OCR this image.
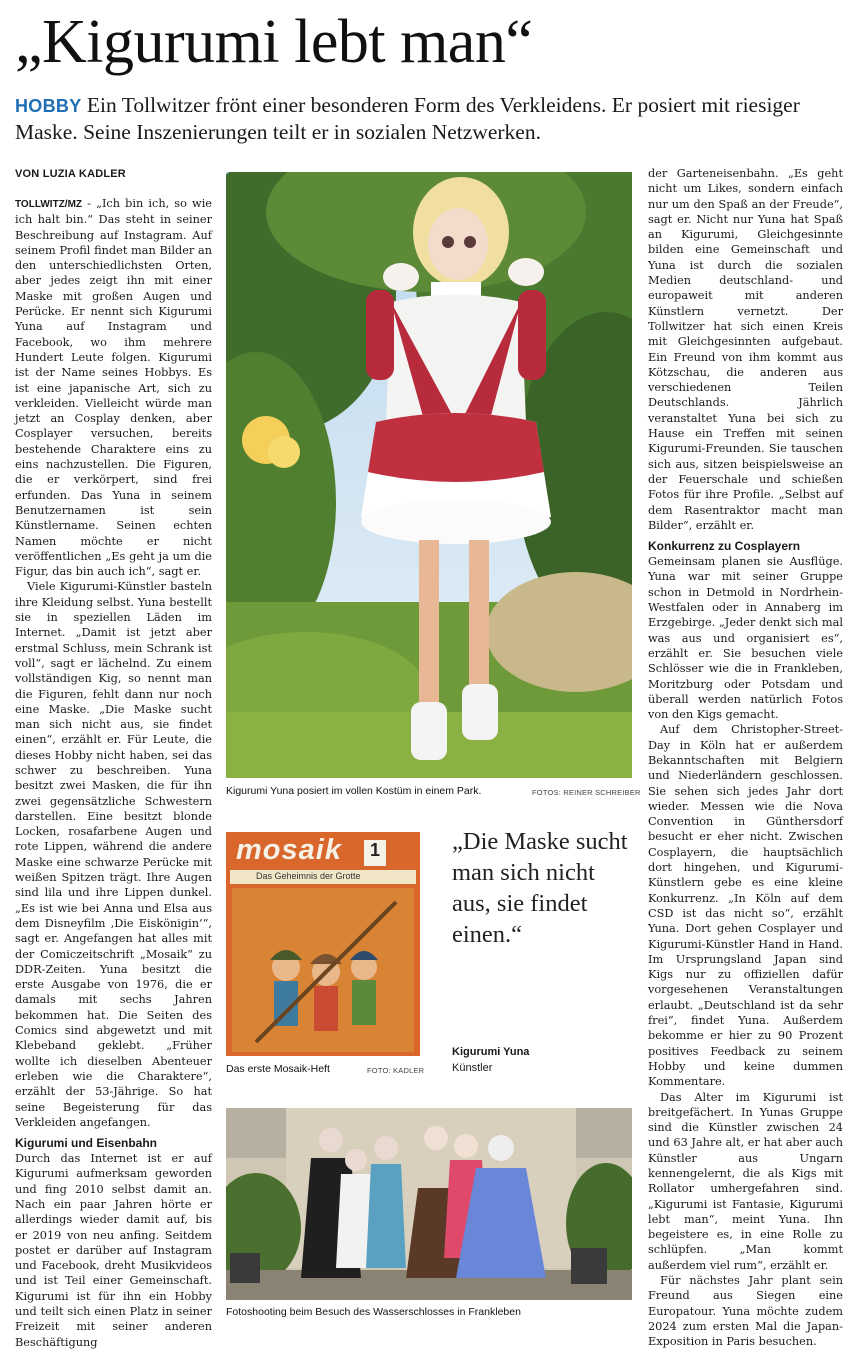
„Kigurumi lebt man“

HOBBY Ein Tollwitzer frönt einer besonderen Form des Verkleidens. Er posiert mit riesiger Maske. Seine Inszenierungen teilt er in sozialen Netzwerken.

VON LUZIA KADLER

TOLLWITZ/MZ - „Ich bin ich, so wie ich halt bin.“ Das steht in seiner Beschreibung auf Instagram. Auf seinem Profil findet man Bilder an den unterschiedlichsten Orten, aber jedes zeigt ihn mit einer Maske mit großen Augen und Perücke. Er nennt sich Kigurumi Yuna auf Instagram und Facebook, wo ihm mehrere Hundert Leute folgen. Kigurumi ist der Name seines Hobbys. Es ist eine japanische Art, sich zu verkleiden. Vielleicht würde man jetzt an Cosplay denken, aber Cosplayer versuchen, bereits bestehende Charaktere eins zu eins nachzustellen. Die Figuren, die er verkörpert, sind frei erfunden. Das Yuna in seinem Benutzernamen ist sein Künstlername. Seinen echten Namen möchte er nicht veröffentlichen „Es geht ja um die Figur, das bin auch ich“, sagt er.

Viele Kigurumi-Künstler basteln ihre Kleidung selbst. Yuna bestellt sie in speziellen Läden im Internet. „Damit ist jetzt aber erstmal Schluss, mein Schrank ist voll“, sagt er lächelnd. Zu einem vollständigen Kig, so nennt man die Figuren, fehlt dann nur noch eine Maske. „Die Maske sucht man sich nicht aus, sie findet einen“, erzählt er. Für Leute, die dieses Hobby nicht haben, sei das schwer zu beschreiben. Yuna besitzt zwei Masken, die für ihn zwei gegensätzliche Schwestern darstellen. Eine besitzt blonde Locken, rosafarbene Augen und rote Lippen, während die andere Maske eine schwarze Perücke mit weißen Spitzen trägt. Ihre Augen sind lila und ihre Lippen dunkel. „Es ist wie bei Anna und Elsa aus dem Disneyfilm ‚Die Eiskönigin‘“, sagt er. Angefangen hat alles mit der Comiczeitschrift „Mosaik“ zu DDR-Zeiten. Yuna besitzt die erste Ausgabe von 1976, die er damals mit sechs Jahren bekommen hat. Die Seiten des Comics sind abgewetzt und mit Klebeband geklebt. „Früher wollte ich dieselben Abenteuer erleben wie die Charaktere“, erzählt der 53-Jährige. So hat seine Begeisterung für das Verkleiden angefangen.

Kigurumi und Eisenbahn

Durch das Internet ist er auf Kigurumi aufmerksam geworden und fing 2010 selbst damit an. Nach ein paar Jahren hörte er allerdings wieder damit auf, bis er 2019 von neu anfing. Seitdem postet er darüber auf Instagram und Facebook, dreht Musikvideos und ist Teil einer Gemeinschaft. Kigurumi ist für ihn ein Hobby und teilt sich einen Platz in seiner Freizeit mit seiner anderen Beschäftigung

Kigurumi Yuna posiert im vollen Kostüm in einem Park.	FOTOS: REINER SCHREIBER
mosaik	1
Das Geheimnis der Grotte
Das erste Mosaik-Heft	FOTO: KADLER
„Die Maske sucht man sich nicht aus, sie findet einen.“
Kigurumi Yuna
Künstler
Fotoshooting beim Besuch des Wasserschlosses in Frankleben

der Garteneisenbahn. „Es geht nicht um Likes, sondern einfach nur um den Spaß an der Freude“, sagt er. Nicht nur Yuna hat Spaß an Kigurumi, Gleichgesinnte bilden eine Gemeinschaft und Yuna ist durch die sozialen Medien deutschland- und europaweit mit anderen Künstlern vernetzt. Der Tollwitzer hat sich einen Kreis mit Gleichgesinnten aufgebaut. Ein Freund von ihm kommt aus Kötzschau, die anderen aus verschiedenen Teilen Deutschlands. Jährlich veranstaltet Yuna bei sich zu Hause ein Treffen mit seinen Kigurumi-Freunden. Sie tauschen sich aus, sitzen beispielsweise an der Feuerschale und schießen Fotos für ihre Profile. „Selbst auf dem Rasentraktor macht man Bilder“, erzählt er.

Konkurrenz zu Cosplayern

Gemeinsam planen sie Ausflüge. Yuna war mit seiner Gruppe schon in Detmold in Nordrhein-Westfalen oder in Annaberg im Erzgebirge. „Jeder denkt sich mal was aus und organisiert es“, erzählt er. Sie besuchen viele Schlösser wie die in Frankleben, Moritzburg oder Potsdam und überall werden natürlich Fotos von den Kigs gemacht.

Auf dem Christopher-Street-Day in Köln hat er außerdem Bekanntschaften mit Belgiern und Niederländern geschlossen. Sie sehen sich jedes Jahr dort wieder. Messen wie die Nova Convention in Günthersdorf besucht er eher nicht. Zwischen Cosplayern, die hauptsächlich dort hingehen, und Kigurumi-Künstlern gebe es eine kleine Konkurrenz. „In Köln auf dem CSD ist das nicht so“, erzählt Yuna. Dort gehen Cosplayer und Kigurumi-Künstler Hand in Hand. Im Ursprungsland Japan sind Kigs nur zu offiziellen dafür vorgesehenen Veranstaltungen erlaubt. „Deutschland ist da sehr frei“, findet Yuna. Außerdem bekomme er hier zu 90 Prozent positives Feedback zu seinem Hobby und keine dummen Kommentare.

Das Alter im Kigurumi ist breitgefächert. In Yunas Gruppe sind die Künstler zwischen 24 und 63 Jahre alt, er hat aber auch Künstler aus Ungarn kennengelernt, die als Kigs mit Rollator umhergefahren sind. „Kigurumi ist Fantasie, Kigurumi lebt man“, meint Yuna. Ihn begeistere es, in eine Rolle zu schlüpfen. „Man kommt außerdem viel rum“, erzählt er.

Für nächstes Jahr plant sein Freund aus Siegen eine Europatour. Yuna möchte zudem 2024 zum ersten Mal die Japan-Exposition in Paris besuchen.
